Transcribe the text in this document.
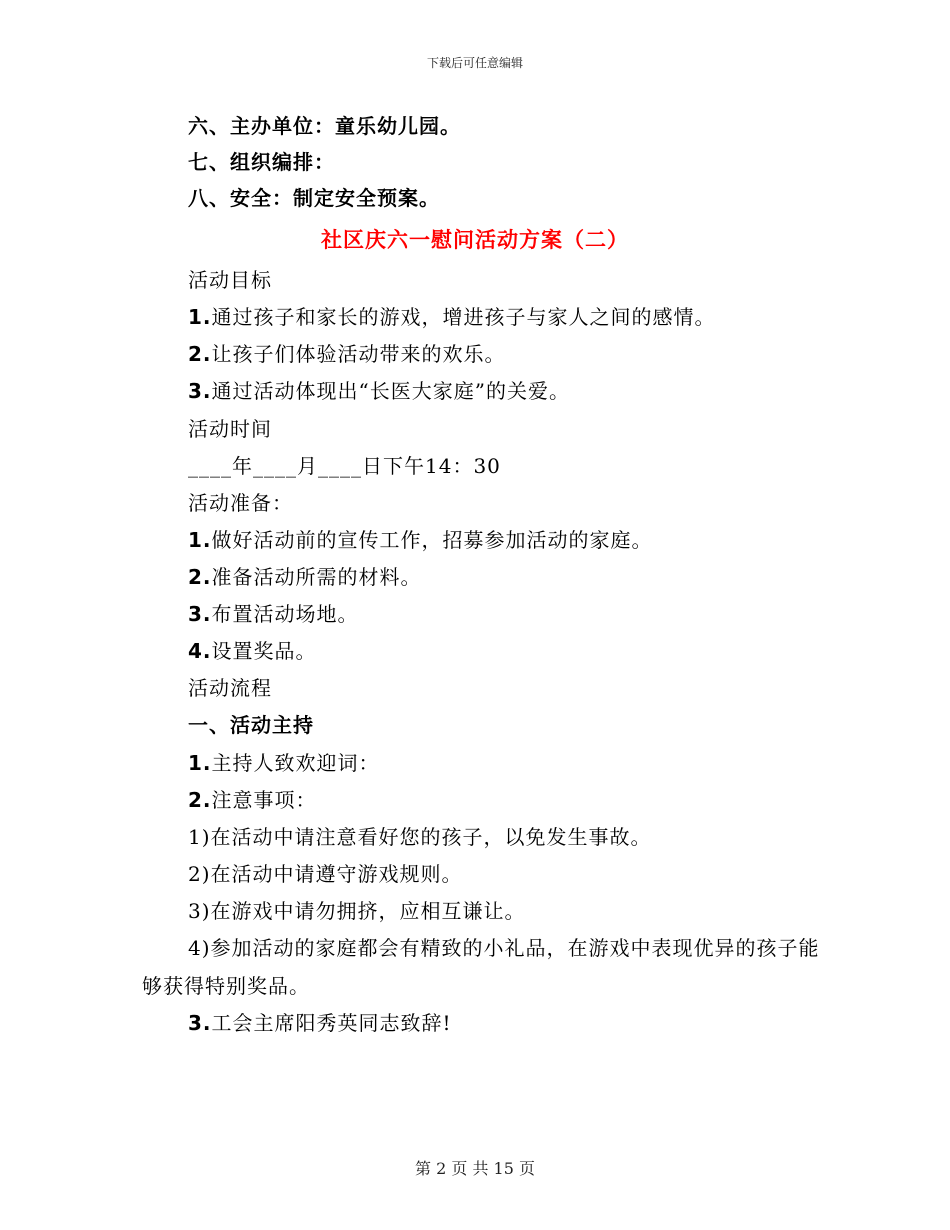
下载后可任意编辑
六、主办单位：童乐幼儿园。
七、组织编排：
八、安全：制定安全预案。
社区庆六一慰问活动方案（二）
活动目标
1.通过孩子和家长的游戏，增进孩子与家人之间的感情。
2.让孩子们体验活动带来的欢乐。
3.通过活动体现出“长医大家庭”的关爱。
活动时间
____年____月____日下午14：30
活动准备：
1.做好活动前的宣传工作，招募参加活动的家庭。
2.准备活动所需的材料。
3.布置活动场地。
4.设置奖品。
活动流程
一、活动主持
1.主持人致欢迎词：
2.注意事项：
1)在活动中请注意看好您的孩子，以免发生事故。
2)在活动中请遵守游戏规则。
3)在游戏中请勿拥挤，应相互谦让。
4)参加活动的家庭都会有精致的小礼品，在游戏中表现优异的孩子能够获得特别奖品。
3.工会主席阳秀英同志致辞!
第 2 页 共 15 页
